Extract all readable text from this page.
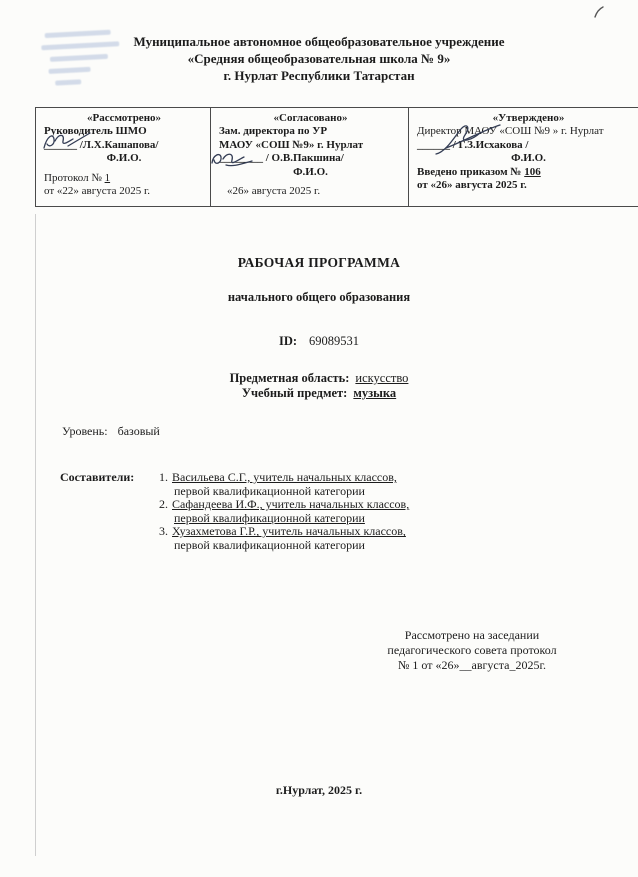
Муниципальное автономное общеобразовательное учреждение
«Средняя общеобразовательная школа № 9»
г. Нурлат Республики Татарстан
«Рассмотрено»
Руководитель ШМО
______ /Л.Х.Кашапова/
Ф.И.О.
Протокол № 1
от «22» августа 2025 г.

«Согласовано»
Зам. директора по УР
МАОУ «СОШ №9» г. Нурлат
________ / О.В.Пакшина/
Ф.И.О.
«26» августа 2025 г.

«Утверждено»
Директор МАОУ «СОШ №9 » г. Нурлат
______ / Г.З.Исхакова /
Ф.И.О.
Введено приказом № 106
от «26» августа 2025 г.
РАБОЧАЯ ПРОГРАММА
начального общего образования
ID: 69089531
Предметная область: искусство
Учебный предмет: музыка
Уровень: базовый
Составители:	1. Васильева С.Г., учитель начальных классов,
первой квалификационной категории
2. Сафандеева И.Ф., учитель начальных классов,
первой квалификационной категории
3. Хузахметова Г.Р., учитель начальных классов,
первой квалификационной категории
Рассмотрено на заседании
педагогического совета протокол
№ 1 от «26»__августа_2025г.
г.Нурлат, 2025 г.
